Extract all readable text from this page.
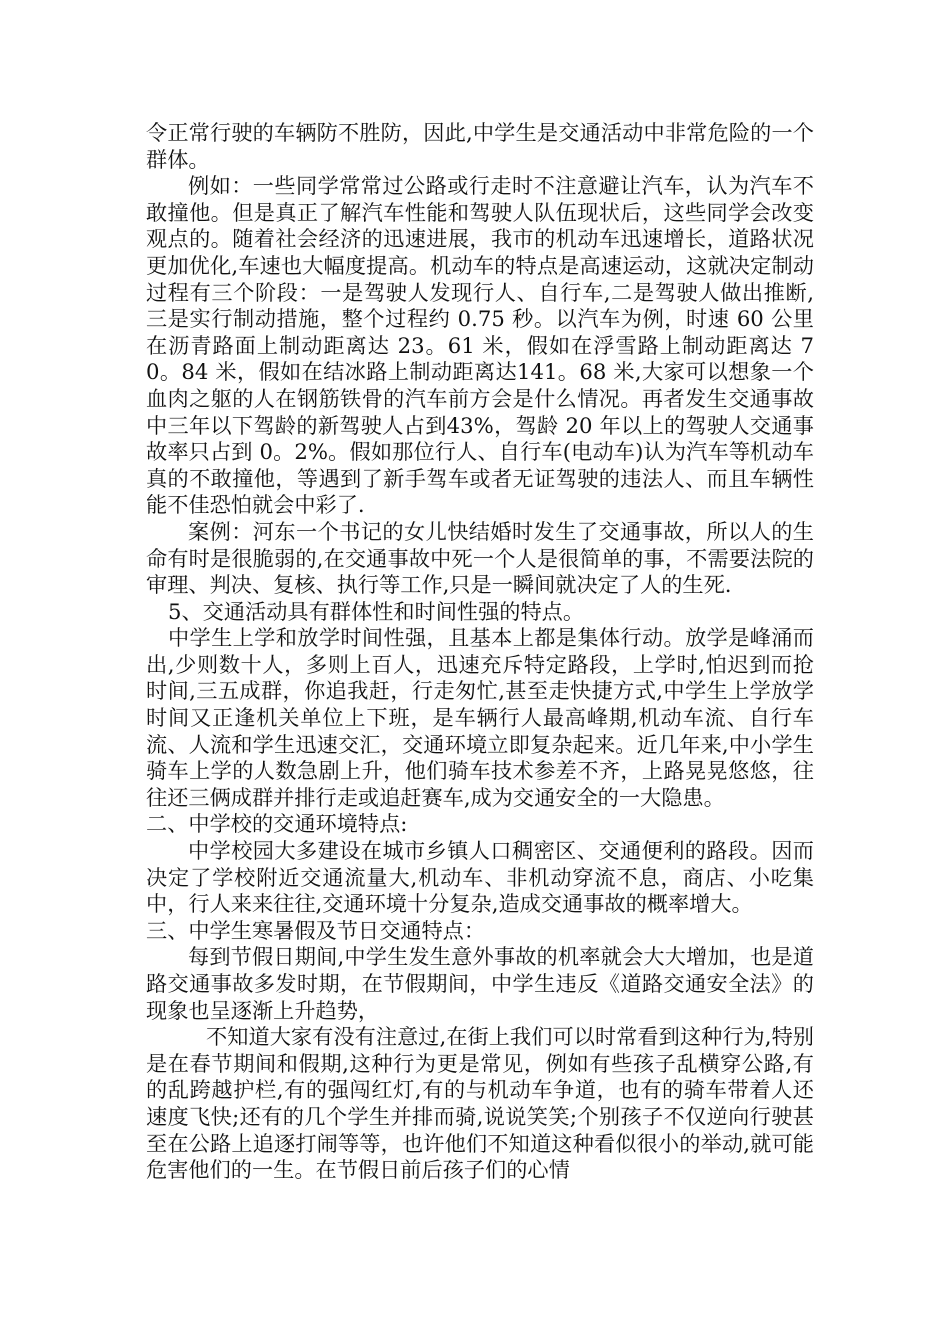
令正常行驶的车辆防不胜防，因此,中学生是交通活动中非常危险的一个群体。

例如：一些同学常常过公路或行走时不注意避让汽车，认为汽车不敢撞他。但是真正了解汽车性能和驾驶人队伍现状后，这些同学会改变观点的。随着社会经济的迅速进展，我市的机动车迅速增长，道路状况更加优化,车速也大幅度提高。机动车的特点是高速运动，这就决定制动过程有三个阶段：一是驾驶人发现行人、自行车,二是驾驶人做出推断,三是实行制动措施，整个过程约 0.75 秒。以汽车为例，时速 60 公里在沥青路面上制动距离达 23。61 米，假如在浮雪路上制动距离达 70。84 米，假如在结冰路上制动距离达141。68 米,大家可以想象一个血肉之躯的人在钢筋铁骨的汽车前方会是什么情况。再者发生交通事故中三年以下驾龄的新驾驶人占到43%，驾龄 20 年以上的驾驶人交通事故率只占到 0。2%。假如那位行人、自行车(电动车)认为汽车等机动车真的不敢撞他，等遇到了新手驾车或者无证驾驶的违法人、而且车辆性能不佳恐怕就会中彩了.

案例：河东一个书记的女儿快结婚时发生了交通事故，所以人的生命有时是很脆弱的,在交通事故中死一个人是很简单的事，不需要法院的审理、判决、复核、执行等工作,只是一瞬间就决定了人的生死.

5、交通活动具有群体性和时间性强的特点。

中学生上学和放学时间性强，且基本上都是集体行动。放学是峰涌而出,少则数十人，多则上百人，迅速充斥特定路段，上学时,怕迟到而抢时间,三五成群，你追我赶，行走匆忙,甚至走快捷方式,中学生上学放学时间又正逢机关单位上下班，是车辆行人最高峰期,机动车流、自行车流、人流和学生迅速交汇，交通环境立即复杂起来。近几年来,中小学生骑车上学的人数急剧上升，他们骑车技术参差不齐，上路晃晃悠悠，往往还三俩成群并排行走或追赶赛车,成为交通安全的一大隐患。

二、中学校的交通环境特点:

中学校园大多建设在城市乡镇人口稠密区、交通便利的路段。因而决定了学校附近交通流量大,机动车、非机动穿流不息，商店、小吃集中，行人来来往往,交通环境十分复杂,造成交通事故的概率增大。

三、中学生寒暑假及节日交通特点：

每到节假日期间,中学生发生意外事故的机率就会大大增加，也是道路交通事故多发时期，在节假期间，中学生违反《道路交通安全法》的现象也呈逐渐上升趋势，

不知道大家有没有注意过,在街上我们可以时常看到这种行为,特别是在春节期间和假期,这种行为更是常见，例如有些孩子乱横穿公路,有的乱跨越护栏,有的强闯红灯,有的与机动车争道，也有的骑车带着人还速度飞快;还有的几个学生并排而骑,说说笑笑;个别孩子不仅逆向行驶甚至在公路上追逐打闹等等，也许他们不知道这种看似很小的举动,就可能危害他们的一生。在节假日前后孩子们的心情
